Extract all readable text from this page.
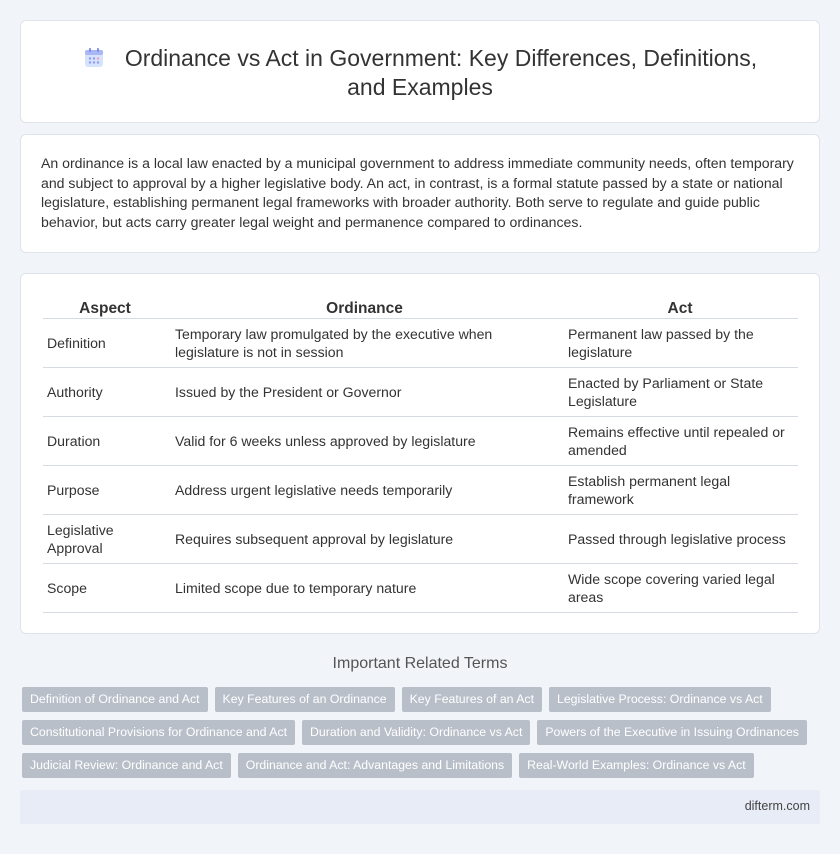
Ordinance vs Act in Government: Key Differences, Definitions, and Examples

An ordinance is a local law enacted by a municipal government to address immediate community needs, often temporary and subject to approval by a higher legislative body. An act, in contrast, is a formal statute passed by a state or national legislature, establishing permanent legal frameworks with broader authority. Both serve to regulate and guide public behavior, but acts carry greater legal weight and permanence compared to ordinances.

Aspect	Ordinance	Act
Definition	Temporary law promulgated by the executive when legislature is not in session	Permanent law passed by the legislature
Authority	Issued by the President or Governor	Enacted by Parliament or State Legislature
Duration	Valid for 6 weeks unless approved by legislature	Remains effective until repealed or amended
Purpose	Address urgent legislative needs temporarily	Establish permanent legal framework
Legislative Approval	Requires subsequent approval by legislature	Passed through legislative process
Scope	Limited scope due to temporary nature	Wide scope covering varied legal areas
Important Related Terms
Definition of Ordinance and Act	Key Features of an Ordinance	Key Features of an Act	Legislative Process: Ordinance vs Act
Constitutional Provisions for Ordinance and Act	Duration and Validity: Ordinance vs Act	Powers of the Executive in Issuing Ordinances
Judicial Review: Ordinance and Act	Ordinance and Act: Advantages and Limitations	Real-World Examples: Ordinance vs Act
difterm.com
